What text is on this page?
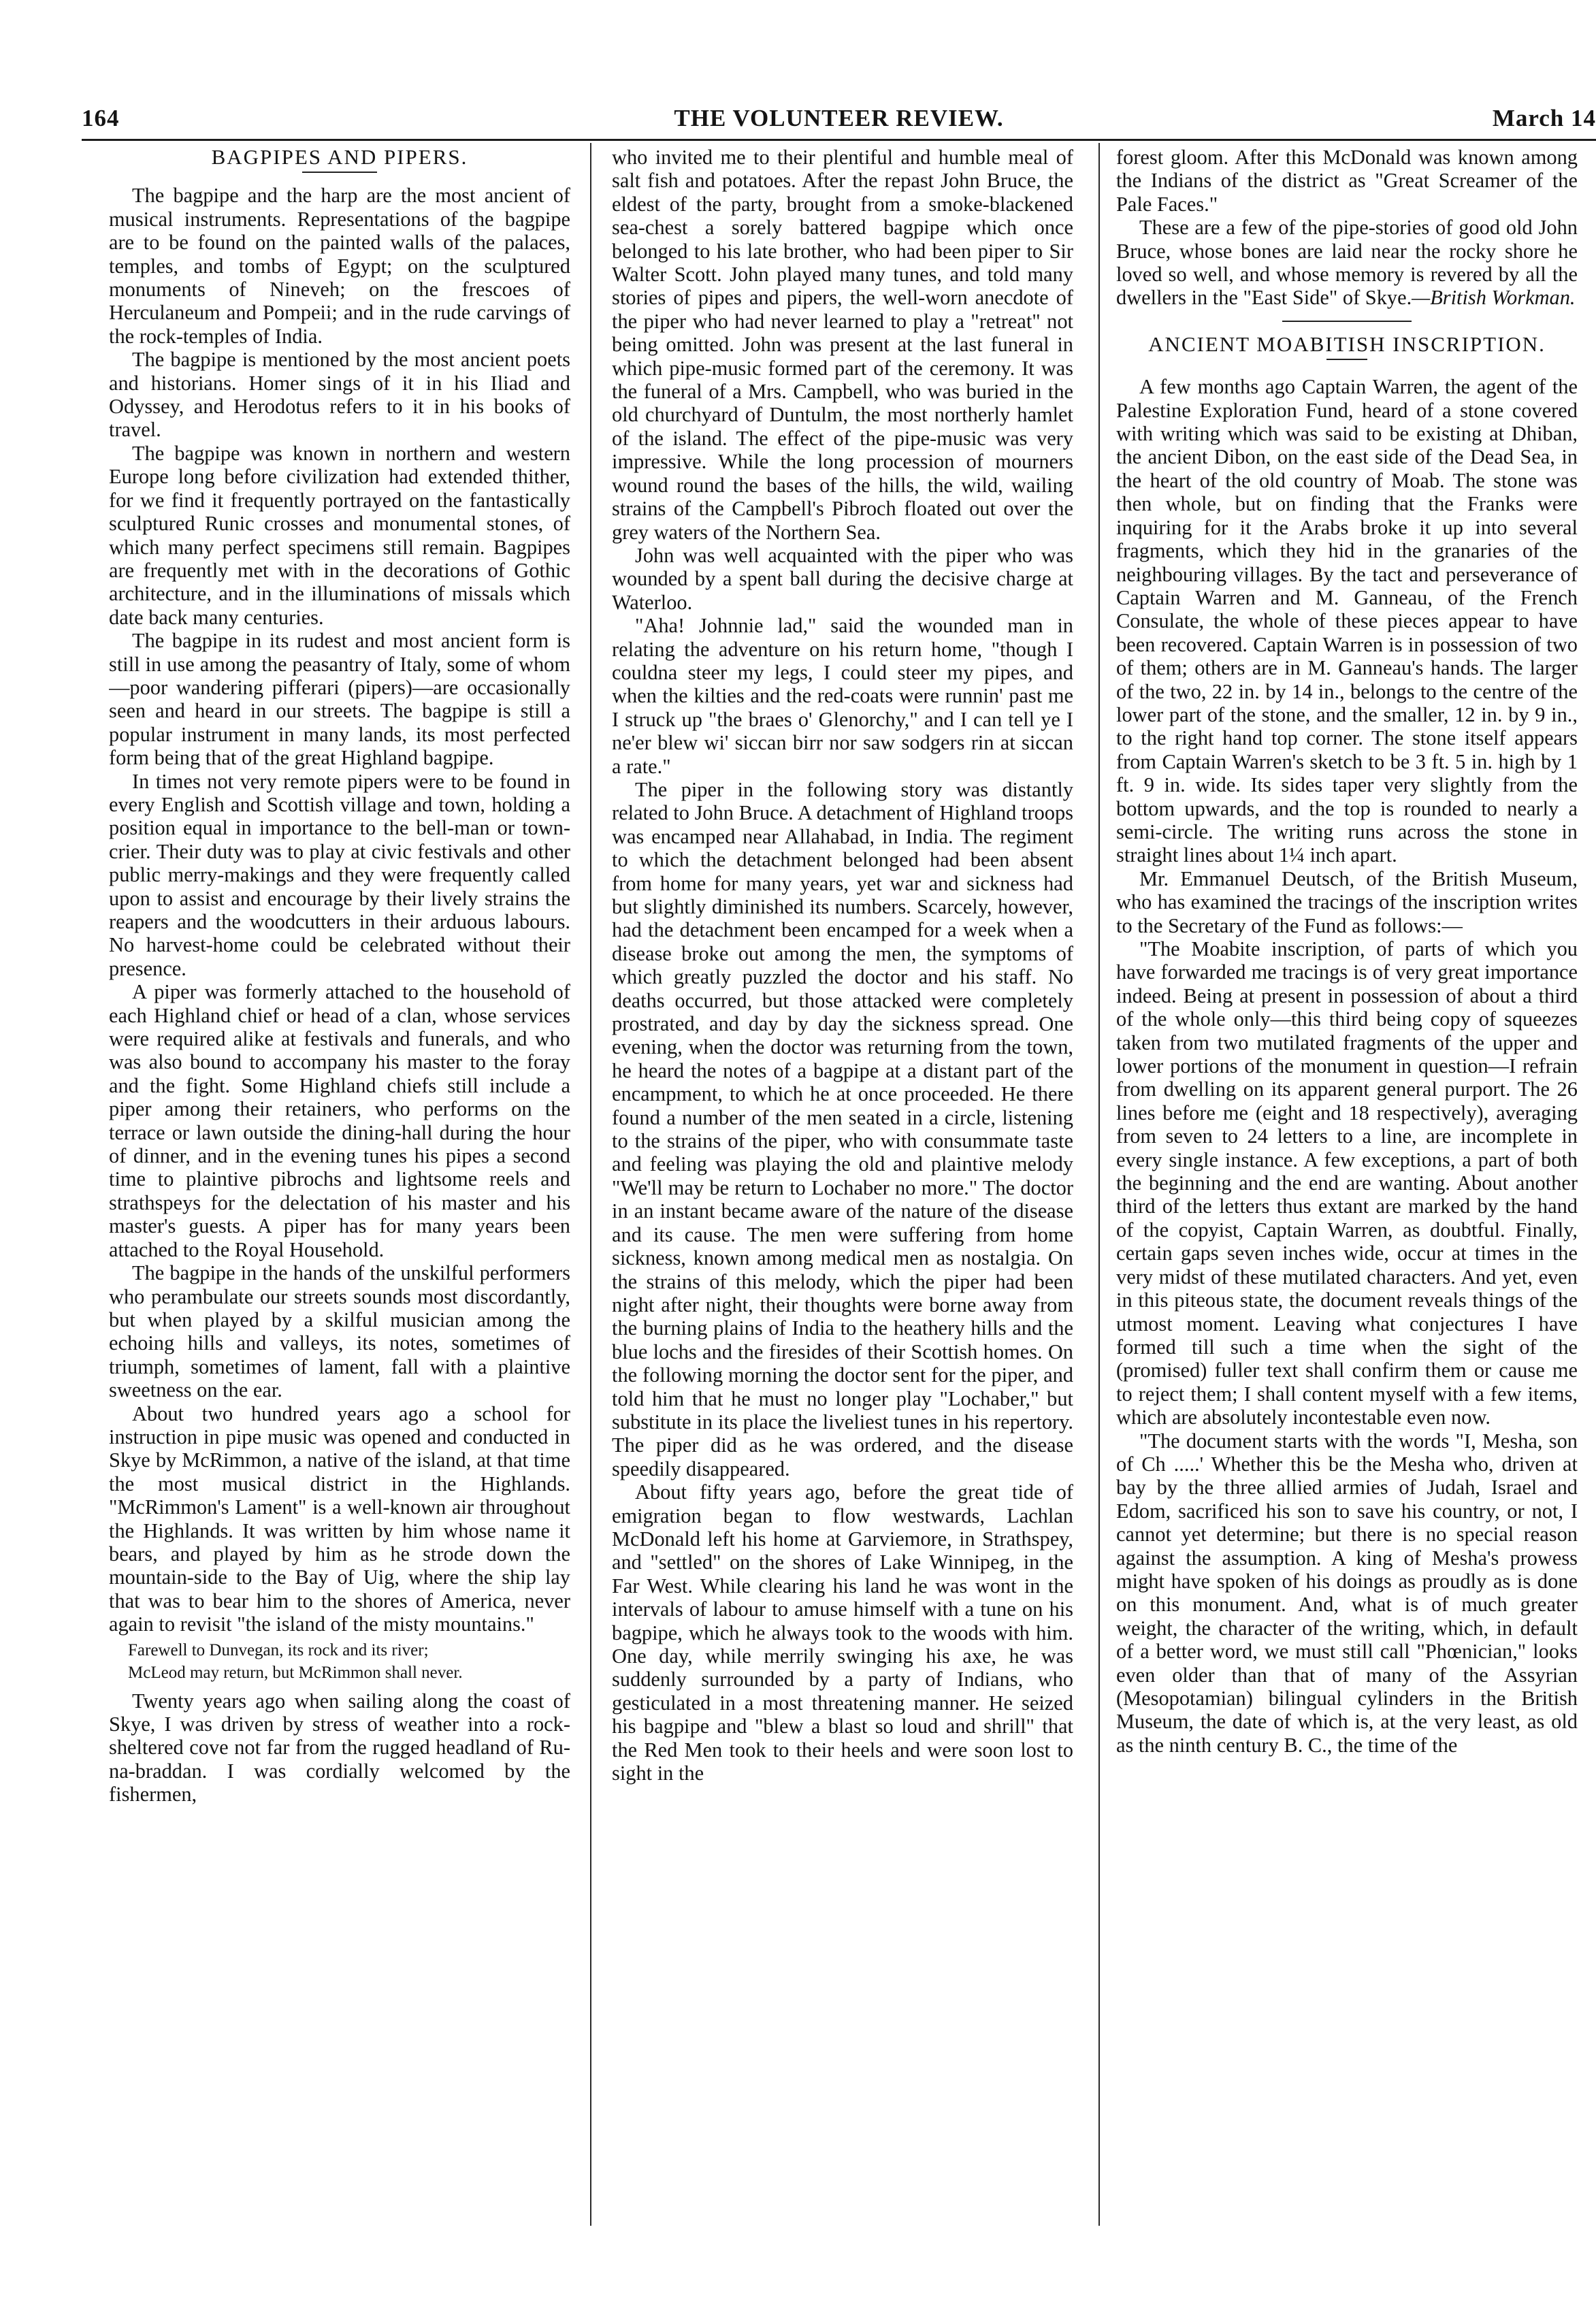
164	THE VOLUNTEER REVIEW.	March 14
BAGPIPES AND PIPERS.

The bagpipe and the harp are the most ancient of musical instruments. Representations of the bagpipe are to be found on the painted walls of the palaces, temples, and tombs of Egypt; on the sculptured monuments of Nineveh; on the frescoes of Herculaneum and Pompeii; and in the rude carvings of the rock-temples of India.

The bagpipe is mentioned by the most ancient poets and historians. Homer sings of it in his Iliad and Odyssey, and Herodotus refers to it in his books of travel.

The bagpipe was known in northern and western Europe long before civilization had extended thither, for we find it frequently portrayed on the fantastically sculptured Runic crosses and monumental stones, of which many perfect specimens still remain. Bagpipes are frequently met with in the decorations of Gothic architecture, and in the illuminations of missals which date back many centuries.

The bagpipe in its rudest and most ancient form is still in use among the peasantry of Italy, some of whom—poor wandering pifferari (pipers)—are occasionally seen and heard in our streets. The bagpipe is still a popular instrument in many lands, its most perfected form being that of the great Highland bagpipe.

In times not very remote pipers were to be found in every English and Scottish village and town, holding a position equal in importance to the bell-man or town-crier. Their duty was to play at civic festivals and other public merry-makings and they were frequently called upon to assist and encourage by their lively strains the reapers and the woodcutters in their arduous labours. No harvest-home could be celebrated without their presence.

A piper was formerly attached to the household of each Highland chief or head of a clan, whose services were required alike at festivals and funerals, and who was also bound to accompany his master to the foray and the fight. Some Highland chiefs still include a piper among their retainers, who performs on the terrace or lawn outside the dining-hall during the hour of dinner, and in the evening tunes his pipes a second time to plaintive pibrochs and lightsome reels and strathspeys for the delectation of his master and his master's guests. A piper has for many years been attached to the Royal Household.

The bagpipe in the hands of the unskilful performers who perambulate our streets sounds most discordantly, but when played by a skilful musician among the echoing hills and valleys, its notes, sometimes of triumph, sometimes of lament, fall with a plaintive sweetness on the ear.

About two hundred years ago a school for instruction in pipe music was opened and conducted in Skye by McRimmon, a native of the island, at that time the most musical district in the Highlands. "McRimmon's Lament" is a well-known air throughout the Highlands. It was written by him whose name it bears, and played by him as he strode down the mountain-side to the Bay of Uig, where the ship lay that was to bear him to the shores of America, never again to revisit "the island of the misty mountains."

Farewell to Dunvegan, its rock and its river;
McLeod may return, but McRimmon shall never.

Twenty years ago when sailing along the coast of Skye, I was driven by stress of weather into a rock-sheltered cove not far from the rugged headland of Ru-na-braddan. I was cordially welcomed by the fishermen,

who invited me to their plentiful and humble meal of salt fish and potatoes. After the repast John Bruce, the eldest of the party, brought from a smoke-blackened sea-chest a sorely battered bagpipe which once belonged to his late brother, who had been piper to Sir Walter Scott. John played many tunes, and told many stories of pipes and pipers, the well-worn anecdote of the piper who had never learned to play a "retreat" not being omitted. John was present at the last funeral in which pipe-music formed part of the ceremony. It was the funeral of a Mrs. Campbell, who was buried in the old churchyard of Duntulm, the most northerly hamlet of the island. The effect of the pipe-music was very impressive. While the long procession of mourners wound round the bases of the hills, the wild, wailing strains of the Campbell's Pibroch floated out over the grey waters of the Northern Sea.

John was well acquainted with the piper who was wounded by a spent ball during the decisive charge at Waterloo.

"Aha! Johnnie lad," said the wounded man in relating the adventure on his return home, "though I couldna steer my legs, I could steer my pipes, and when the kilties and the red-coats were runnin' past me I struck up "the braes o' Glenorchy," and I can tell ye I ne'er blew wi' siccan birr nor saw sodgers rin at siccan a rate."

The piper in the following story was distantly related to John Bruce. A detachment of Highland troops was encamped near Allahabad, in India. The regiment to which the detachment belonged had been absent from home for many years, yet war and sickness had but slightly diminished its numbers. Scarcely, however, had the detachment been encamped for a week when a disease broke out among the men, the symptoms of which greatly puzzled the doctor and his staff. No deaths occurred, but those attacked were completely prostrated, and day by day the sickness spread. One evening, when the doctor was returning from the town, he heard the notes of a bagpipe at a distant part of the encampment, to which he at once proceeded. He there found a number of the men seated in a circle, listening to the strains of the piper, who with consummate taste and feeling was playing the old and plaintive melody "We'll may be return to Lochaber no more." The doctor in an instant became aware of the nature of the disease and its cause. The men were suffering from home sickness, known among medical men as nostalgia. On the strains of this melody, which the piper had been night after night, their thoughts were borne away from the burning plains of India to the heathery hills and the blue lochs and the firesides of their Scottish homes. On the following morning the doctor sent for the piper, and told him that he must no longer play "Lochaber," but substitute in its place the liveliest tunes in his repertory. The piper did as he was ordered, and the disease speedily disappeared.

About fifty years ago, before the great tide of emigration began to flow westwards, Lachlan McDonald left his home at Garviemore, in Strathspey, and "settled" on the shores of Lake Winnipeg, in the Far West. While clearing his land he was wont in the intervals of labour to amuse himself with a tune on his bagpipe, which he always took to the woods with him. One day, while merrily swinging his axe, he was suddenly surrounded by a party of Indians, who gesticulated in a most threatening manner. He seized his bagpipe and "blew a blast so loud and shrill" that the Red Men took to their heels and were soon lost to sight in the

forest gloom. After this McDonald was known among the Indians of the district as "Great Screamer of the Pale Faces."

These are a few of the pipe-stories of good old John Bruce, whose bones are laid near the rocky shore he loved so well, and whose memory is revered by all the dwellers in the "East Side" of Skye.—British Workman.

ANCIENT MOABITISH INSCRIPTION.

A few months ago Captain Warren, the agent of the Palestine Exploration Fund, heard of a stone covered with writing which was said to be existing at Dhiban, the ancient Dibon, on the east side of the Dead Sea, in the heart of the old country of Moab. The stone was then whole, but on finding that the Franks were inquiring for it the Arabs broke it up into several fragments, which they hid in the granaries of the neighbouring villages. By the tact and perseverance of Captain Warren and M. Ganneau, of the French Consulate, the whole of these pieces appear to have been recovered. Captain Warren is in possession of two of them; others are in M. Ganneau's hands. The larger of the two, 22 in. by 14 in., belongs to the centre of the lower part of the stone, and the smaller, 12 in. by 9 in., to the right hand top corner. The stone itself appears from Captain Warren's sketch to be 3 ft. 5 in. high by 1 ft. 9 in. wide. Its sides taper very slightly from the bottom upwards, and the top is rounded to nearly a semi-circle. The writing runs across the stone in straight lines about 1¼ inch apart.

Mr. Emmanuel Deutsch, of the British Museum, who has examined the tracings of the inscription writes to the Secretary of the Fund as follows:—

"The Moabite inscription, of parts of which you have forwarded me tracings is of very great importance indeed. Being at present in possession of about a third of the whole only—this third being copy of squeezes taken from two mutilated fragments of the upper and lower portions of the monument in question—I refrain from dwelling on its apparent general purport. The 26 lines before me (eight and 18 respectively), averaging from seven to 24 letters to a line, are incomplete in every single instance. A few exceptions, a part of both the beginning and the end are wanting. About another third of the letters thus extant are marked by the hand of the copyist, Captain Warren, as doubtful. Finally, certain gaps seven inches wide, occur at times in the very midst of these mutilated characters. And yet, even in this piteous state, the document reveals things of the utmost moment. Leaving what conjectures I have formed till such a time when the sight of the (promised) fuller text shall confirm them or cause me to reject them; I shall content myself with a few items, which are absolutely incontestable even now.

"The document starts with the words "I, Mesha, son of Ch .....' Whether this be the Mesha who, driven at bay by the three allied armies of Judah, Israel and Edom, sacrificed his son to save his country, or not, I cannot yet determine; but there is no special reason against the assumption. A king of Mesha's prowess might have spoken of his doings as proudly as is done on this monument. And, what is of much greater weight, the character of the writing, which, in default of a better word, we must still call "Phœnician," looks even older than that of many of the Assyrian (Mesopotamian) bilingual cylinders in the British Museum, the date of which is, at the very least, as old as the ninth century B. C., the time of the
